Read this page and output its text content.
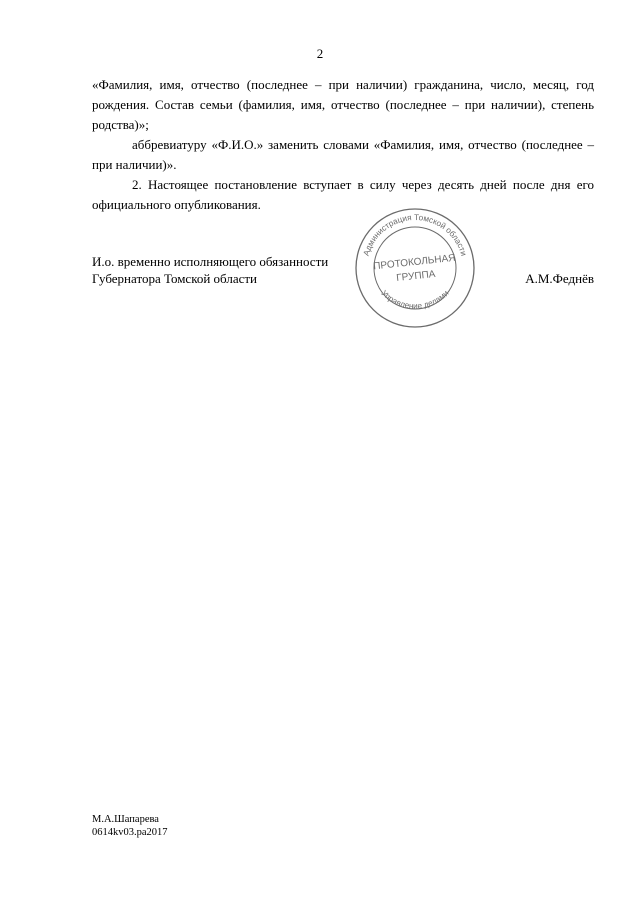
2

«Фамилия, имя, отчество (последнее – при наличии) гражданина, число, месяц, год рождения. Состав семьи (фамилия, имя, отчество (последнее – при наличии), степень родства)»;

аббревиатуру «Ф.И.О.» заменить словами «Фамилия, имя, отчество (последнее – при наличии)».

2. Настоящее постановление вступает в силу через десять дней после дня его официального опубликования.

И.о. временно исполняющего обязанности
Губернатора Томской области	А.М.Феднёв
Администрация Томской области
Управление делами
ПРОТОКОЛЬНАЯ
ГРУППА
М.А.Шапарева
0614kv03.pa2017
